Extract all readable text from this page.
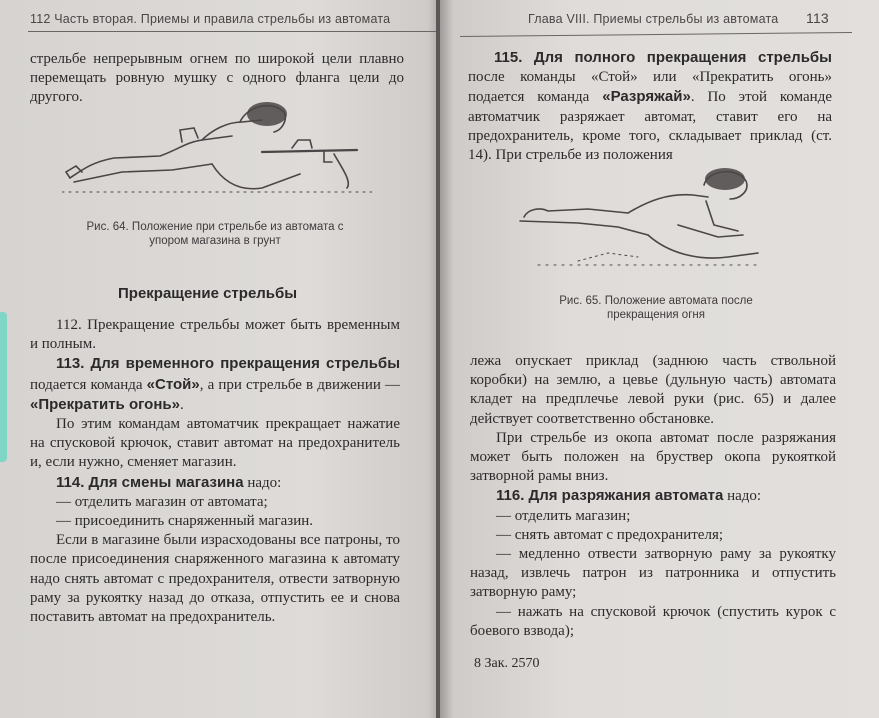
112 Часть вторая. Приемы и правила стрельбы из автомата

стрельбе непрерывным огнем по широкой цели плавно перемещать ровную мушку с одного фланга цели до другого.

Рис. 64. Положение при стрельбе из автомата с упором магазина в грунт
Прекращение стрельбы

112. Прекращение стрельбы может быть временным и полным.

113. Для временного прекращения стрельбы подается команда «Стой», а при стрельбе в движении — «Прекратить огонь».

По этим командам автоматчик прекращает нажатие на спусковой крючок, ставит автомат на предохранитель и, если нужно, сменяет магазин.

114. Для смены магазина надо:

— отделить магазин от автомата;

— присоединить снаряженный магазин.

Если в магазине были израсходованы все патроны, то после присоединения снаряженного магазина к автомату надо снять автомат с предохранителя, отвести затворную раму за рукоятку назад до отказа, отпустить ее и снова поставить автомат на предохранитель.

Глава VIII. Приемы стрельбы из автомата 113

115. Для полного прекращения стрельбы после команды «Стой» или «Прекратить огонь» подается команда «Разряжай». По этой команде автоматчик разряжает автомат, ставит его на предохранитель, кроме того, складывает приклад (ст. 14). При стрельбе из положения

Рис. 65. Положение автомата после прекращения огня

лежа опускает приклад (заднюю часть ствольной коробки) на землю, а цевье (дульную часть) автомата кладет на предплечье левой руки (рис. 65) и далее действует соответственно обстановке.

При стрельбе из окопа автомат после разряжания может быть положен на бруствер окопа рукояткой затворной рамы вниз.

116. Для разряжания автомата надо:

— отделить магазин;

— снять автомат с предохранителя;

— медленно отвести затворную раму за рукоятку назад, извлечь патрон из патронника и отпустить затворную раму;

— нажать на спусковой крючок (спустить курок с боевого взвода);

8 Зак. 2570
